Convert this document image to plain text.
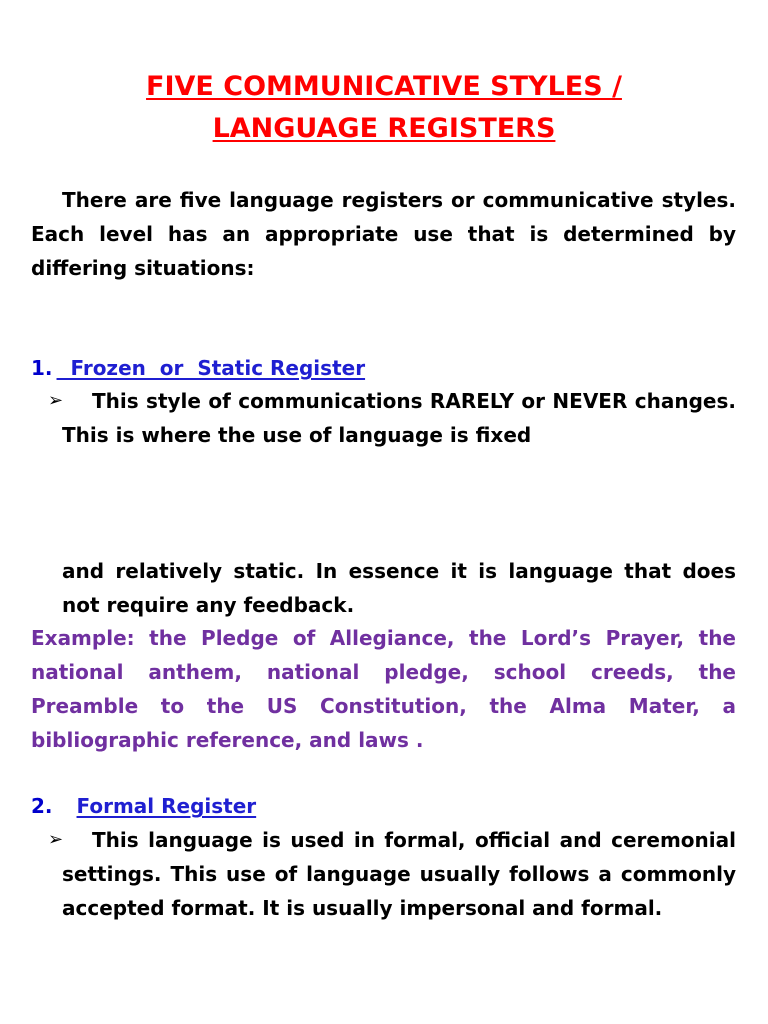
FIVE COMMUNICATIVE STYLES /
LANGUAGE REGISTERS

There are five language registers or communicative styles. Each level has an appropriate use that is determined by differing situations:

1.  Frozen  or  Static Register
➢	This style of communications RARELY or NEVER changes. This is where the use of language is fixed

and relatively static. In essence it is language that does not require any feedback.

Example: the Pledge of Allegiance, the Lord’s Prayer, the national anthem, national pledge, school creeds, the Preamble to the US Constitution, the Alma Mater, a bibliographic reference, and laws .

2. Formal Register
➢	This language is used in formal, official and ceremonial settings. This use of language usually follows a commonly accepted format. It is usually impersonal and formal.
